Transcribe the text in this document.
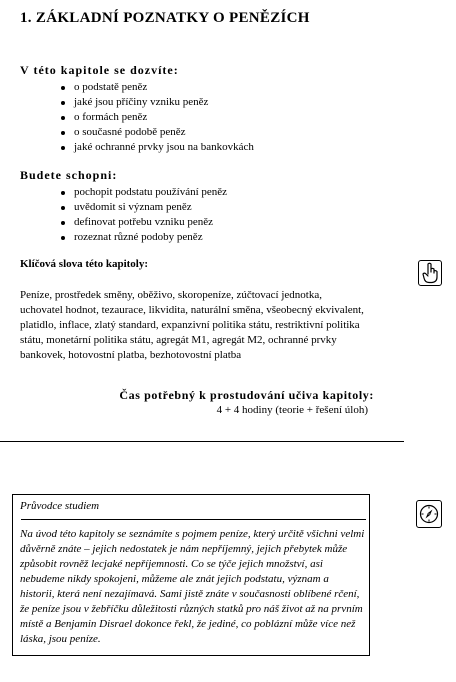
1. ZÁKLADNÍ POZNATKY O PENĚZÍCH
V této kapitole se dozvíte:
o podstatě peněz
jaké jsou příčiny vzniku peněz
o formách peněz
o současné podobě peněz
jaké ochranné prvky jsou na bankovkách
Budete schopni:
pochopit podstatu používání peněz
uvědomit si význam peněz
definovat potřebu vzniku peněz
rozeznat různé podoby peněz
Klíčová slova této kapitoly:
Peníze, prostředek směny, oběživo, skoropeníze, zúčtovací jednotka, uchovatel hodnot, tezaurace, likvidita, naturální směna, všeobecný ekvivalent, platidlo, inflace, zlatý standard, expanzivní politika státu, restriktivní politika státu, monetární politika státu, agregát M1, agregát M2, ochranné prvky bankovek, hotovostní platba, bezhotovostní platba
Čas potřebný k prostudování učiva kapitoly:
4 + 4 hodiny (teorie + řešení úloh)
Průvodce studiem
Na úvod této kapitoly se seznámíte s pojmem peníze, který určitě všichni velmi důvěrně znáte – jejich nedostatek je nám nepříjemný, jejich přebytek může způsobit rovněž lecjaké nepříjemnosti. Co se týče jejich množství, asi nebudeme nikdy spokojeni, můžeme ale znát jejich podstatu, význam a historii, která není nezajímavá. Sami jistě znáte v současnosti oblíbené rčení, že peníze jsou v žebříčku důležitosti různých statků pro náš život až na prvním místě a Benjamin Disrael dokonce řekl, že jediné, co poblázní může více než láska, jsou peníze.
